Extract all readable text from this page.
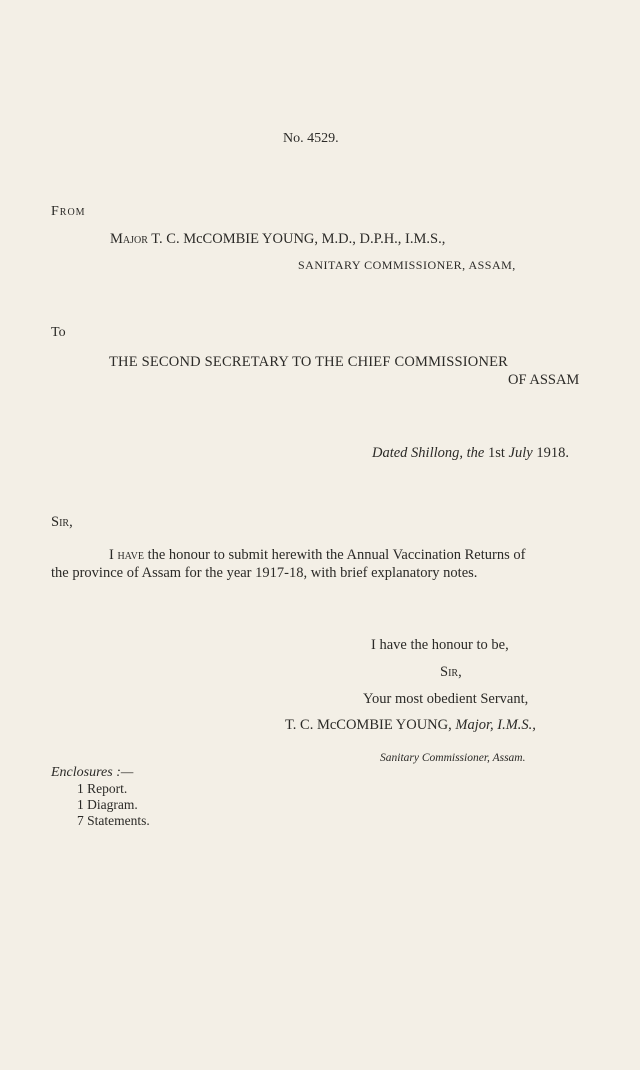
No. 4529.
From
Major T. C. McCOMBIE YOUNG, M.D., D.P.H., I.M.S.,
SANITARY COMMISSIONER, ASSAM,
To
THE SECOND SECRETARY TO THE CHIEF COMMISSIONER
OF ASSAM
Dated Shillong, the 1st July 1918.
Sir,
I have the honour to submit herewith the Annual Vaccination Returns of
the province of Assam for the year 1917-18, with brief explanatory notes.
I have the honour to be,
Sir,
Your most obedient Servant,
T. C. McCOMBIE YOUNG, Major, I.M.S.,
Sanitary Commissioner, Assam.
Enclosures :—
1 Report.
1 Diagram.
7 Statements.
